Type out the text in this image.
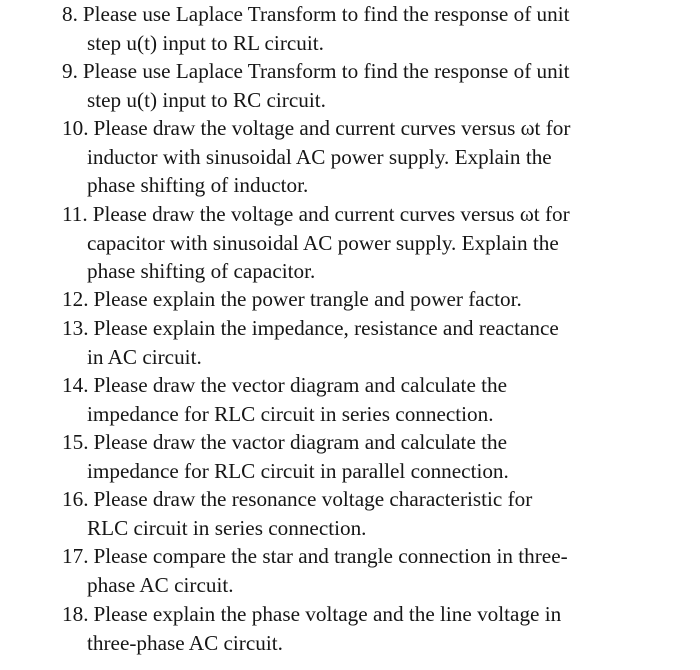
8. Please use Laplace Transform to find the response of unit
step u(t) input to RL circuit.
9. Please use Laplace Transform to find the response of unit
step u(t) input to RC circuit.
10. Please draw the voltage and current curves versus ωt for
inductor with sinusoidal AC power supply. Explain the
phase shifting of inductor.
11. Please draw the voltage and current curves versus ωt for
capacitor with sinusoidal AC power supply. Explain the
phase shifting of capacitor.
12. Please explain the power trangle and power factor.
13. Please explain the impedance, resistance and reactance
in AC circuit.
14. Please draw the vector diagram and calculate the
impedance for RLC circuit in series connection.
15. Please draw the vactor diagram and calculate the
impedance for RLC circuit in parallel connection.
16. Please draw the resonance voltage characteristic for
RLC circuit in series connection.
17. Please compare the star and trangle connection in three-
phase AC circuit.
18. Please explain the phase voltage and the line voltage in
three-phase AC circuit.
